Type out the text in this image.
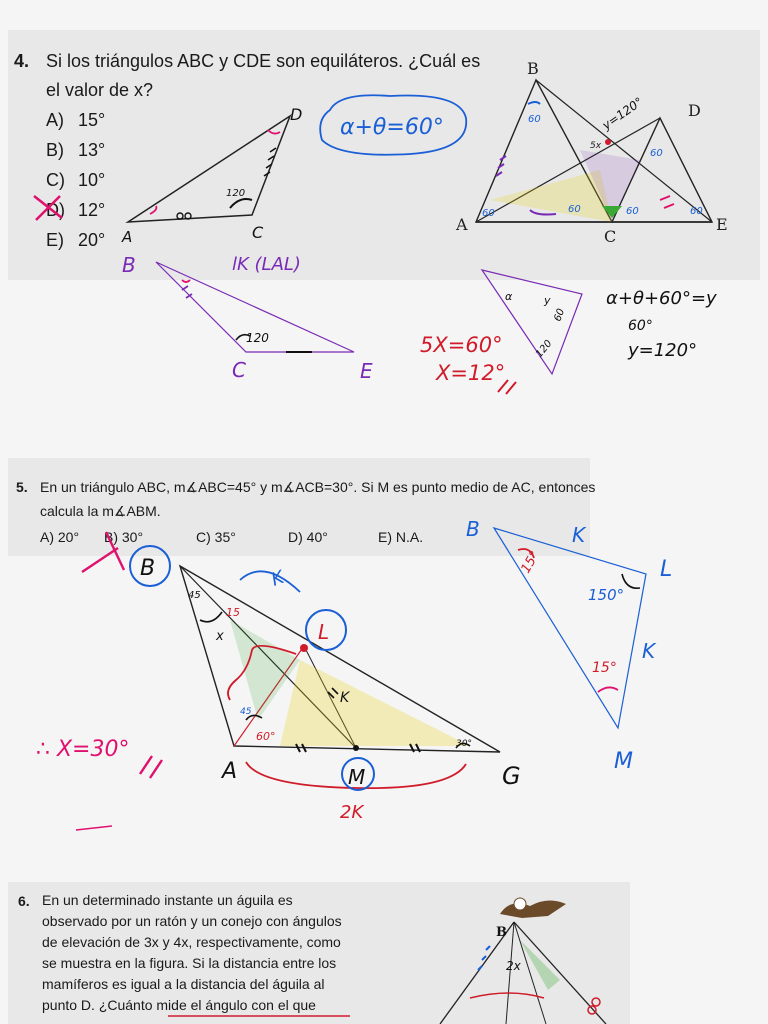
4. Si los triángulos ABC y CDE son equiláteros. ¿Cuál es
el valor de x?
A) 15°
B) 13°
C) 10°
D) 12°
E) 20°
5. En un triángulo ABC, m∡ABC=45° y m∡ACB=30°. Si M es punto medio de AC, entonces
calcula la m∡ABM.
A) 20° B) 30°	C) 35°	D) 40°	E) N.A.
6. En un determinado instante un águila es
observado por un ratón y un conejo con ángulos
de elevación de 3x y 4x, respectivamente, como
se muestra en la figura. Si la distancia entre los
mamíferos es igual a la distancia del águila al
punto D. ¿Cuánto mide el ángulo con el que
D
A	C
120
α+θ=60°
B
D
A
C
E
60
60	60	60
60
60
5x
y=120°
B
C	E
120
lK (LAL)
α	y
60
120
5X=60°
X=12°
α+θ+60°=y
60°
y=120°
B
L
A	M	G
K
K
2K
45
15
x
60°
30°
45
∴ X=30°
B	K
L
150°
K
15°
15°
M
B
2x
